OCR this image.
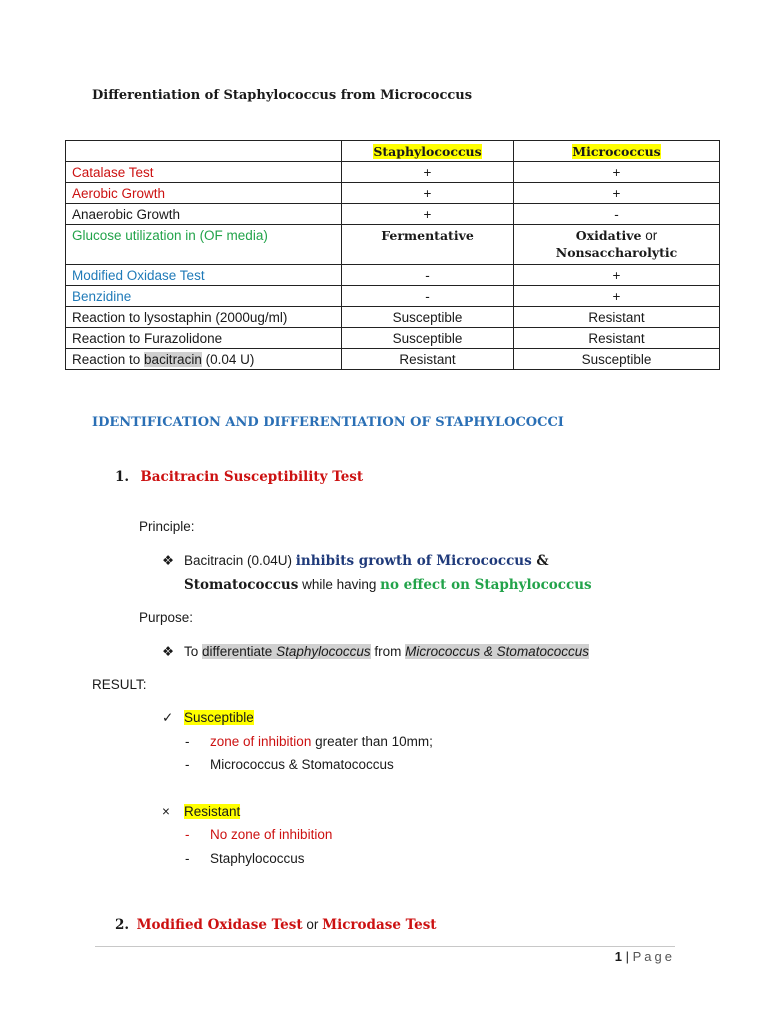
Differentiation of Staphylococcus from Micrococcus
	Staphylococcus	Micrococcus
Catalase Test	+	+
Aerobic Growth	+	+
Anaerobic Growth	+	-
Glucose utilization in (OF media)	Fermentative	Oxidative or
Nonsaccharolytic
Modified Oxidase Test	-	+
Benzidine	-	+
Reaction to lysostaphin (2000ug/ml)	Susceptible	Resistant
Reaction to Furazolidone	Susceptible	Resistant
Reaction to bacitracin (0.04 U)	Resistant	Susceptible
IDENTIFICATION AND DIFFERENTIATION OF STAPHYLOCOCCI
1. Bacitracin Susceptibility Test
Principle:
❖ Bacitracin (0.04U) inhibits growth of Micrococcus &
Stomatococcus while having no effect on Staphylococcus
Purpose:
❖ To differentiate Staphylococcus from Micrococcus & Stomatococcus
RESULT:
✓ Susceptible
- zone of inhibition greater than 10mm;
- Micrococcus & Stomatococcus
× Resistant
- No zone of inhibition
- Staphylococcus
2. Modified Oxidase Test or Microdase Test
1 | Page
